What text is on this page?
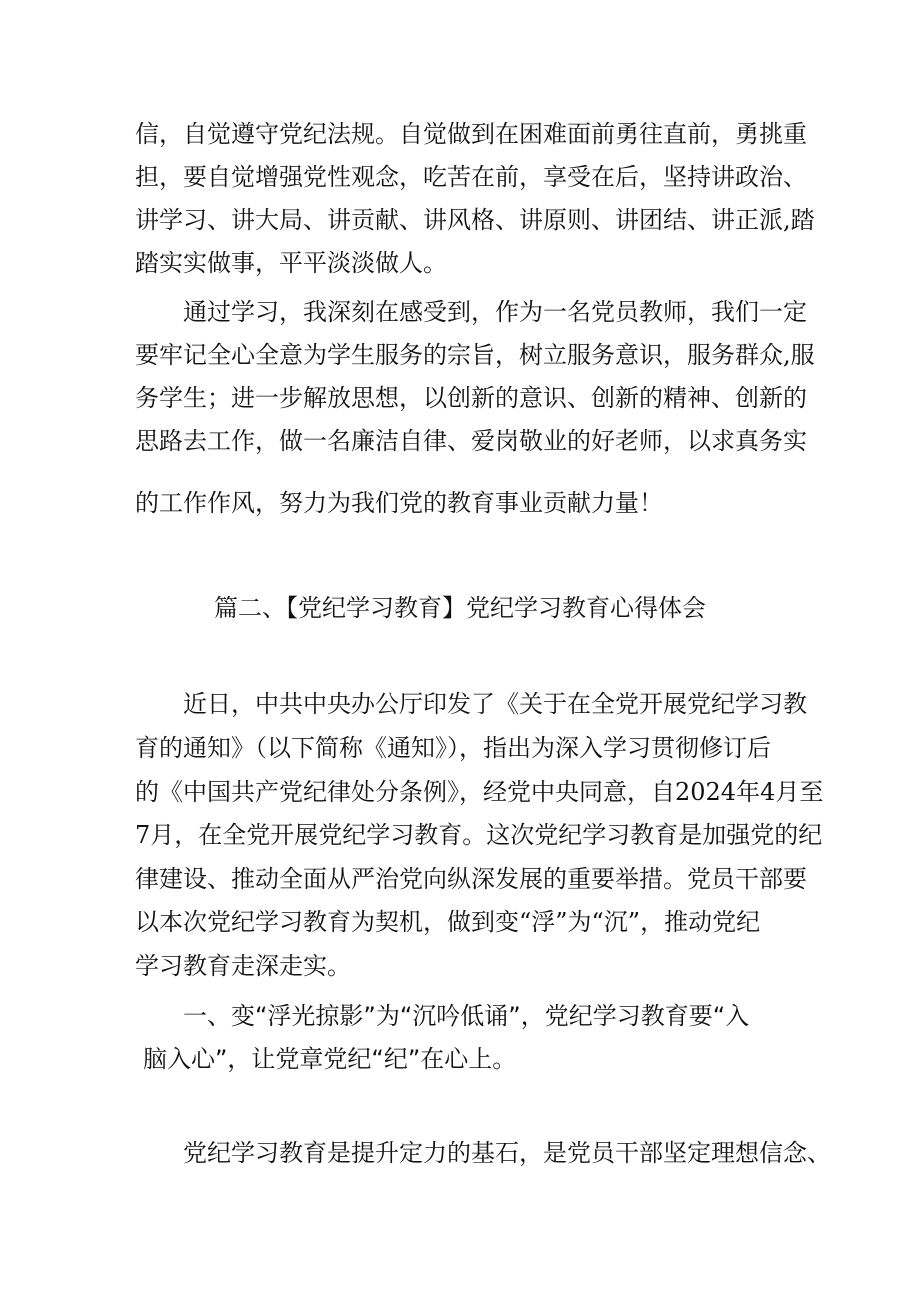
信，自觉遵守党纪法规。自觉做到在困难面前勇往直前，勇挑重
担，要自觉增强党性观念，吃苦在前，享受在后，坚持讲政治、
讲学习、讲大局、讲贡献、讲风格、讲原则、讲团结、讲正派,踏
踏实实做事，平平淡淡做人。
　　通过学习，我深刻在感受到，作为一名党员教师，我们一定
要牢记全心全意为学生服务的宗旨，树立服务意识，服务群众,服
务学生；进一步解放思想，以创新的意识、创新的精神、创新的
思路去工作，做一名廉洁自律、爱岗敬业的好老师，以求真务实
的工作作风，努力为我们党的教育事业贡献力量！
篇二、【党纪学习教育】党纪学习教育心得体会
　　近日，中共中央办公厅印发了《关于在全党开展党纪学习教
育的通知》（以下简称《通知》），指出为深入学习贯彻修订后
的《中国共产党纪律处分条例》，经党中央同意，自2024年4月至
7月，在全党开展党纪学习教育。这次党纪学习教育是加强党的纪
律建设、推动全面从严治党向纵深发展的重要举措。党员干部要
以本次党纪学习教育为契机，做到变“浮”为“沉”，推动党纪
学习教育走深走实。
　　一、变“浮光掠影”为“沉吟低诵”，党纪学习教育要“入
脑入心”，让党章党纪“纪”在心上。
　　党纪学习教育是提升定力的基石，是党员干部坚定理想信念、
